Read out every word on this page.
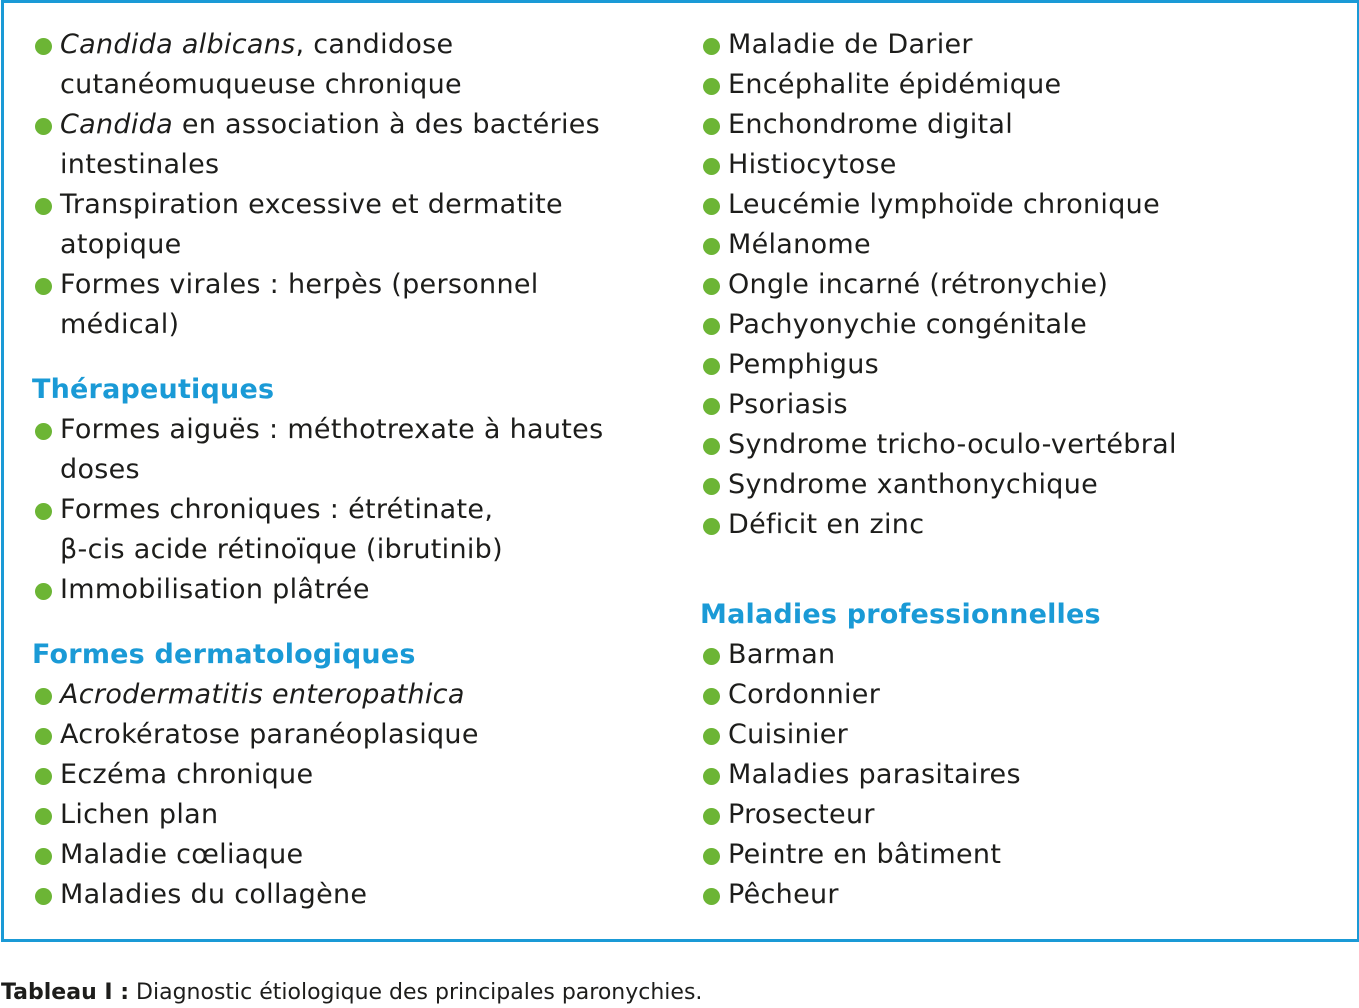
Candida albicans, candidose
cutanéomuqueuse chronique
Candida en association à des bactéries
intestinales
Transpiration excessive et dermatite
atopique
Formes virales : herpès (personnel
médical)
Thérapeutiques
Formes aiguës : méthotrexate à hautes
doses
Formes chroniques : étrétinate,
β-cis acide rétinoïque (ibrutinib)
Immobilisation plâtrée
Formes dermatologiques
Acrodermatitis enteropathica
Acrokératose paranéoplasique
Eczéma chronique
Lichen plan
Maladie cœliaque
Maladies du collagène
Maladie de Darier
Encéphalite épidémique
Enchondrome digital
Histiocytose
Leucémie lymphoïde chronique
Mélanome
Ongle incarné (rétronychie)
Pachyonychie congénitale
Pemphigus
Psoriasis
Syndrome tricho-oculo-vertébral
Syndrome xanthonychique
Déficit en zinc
Maladies professionnelles
Barman
Cordonnier
Cuisinier
Maladies parasitaires
Prosecteur
Peintre en bâtiment
Pêcheur
Tableau I : Diagnostic étiologique des principales paronychies.
